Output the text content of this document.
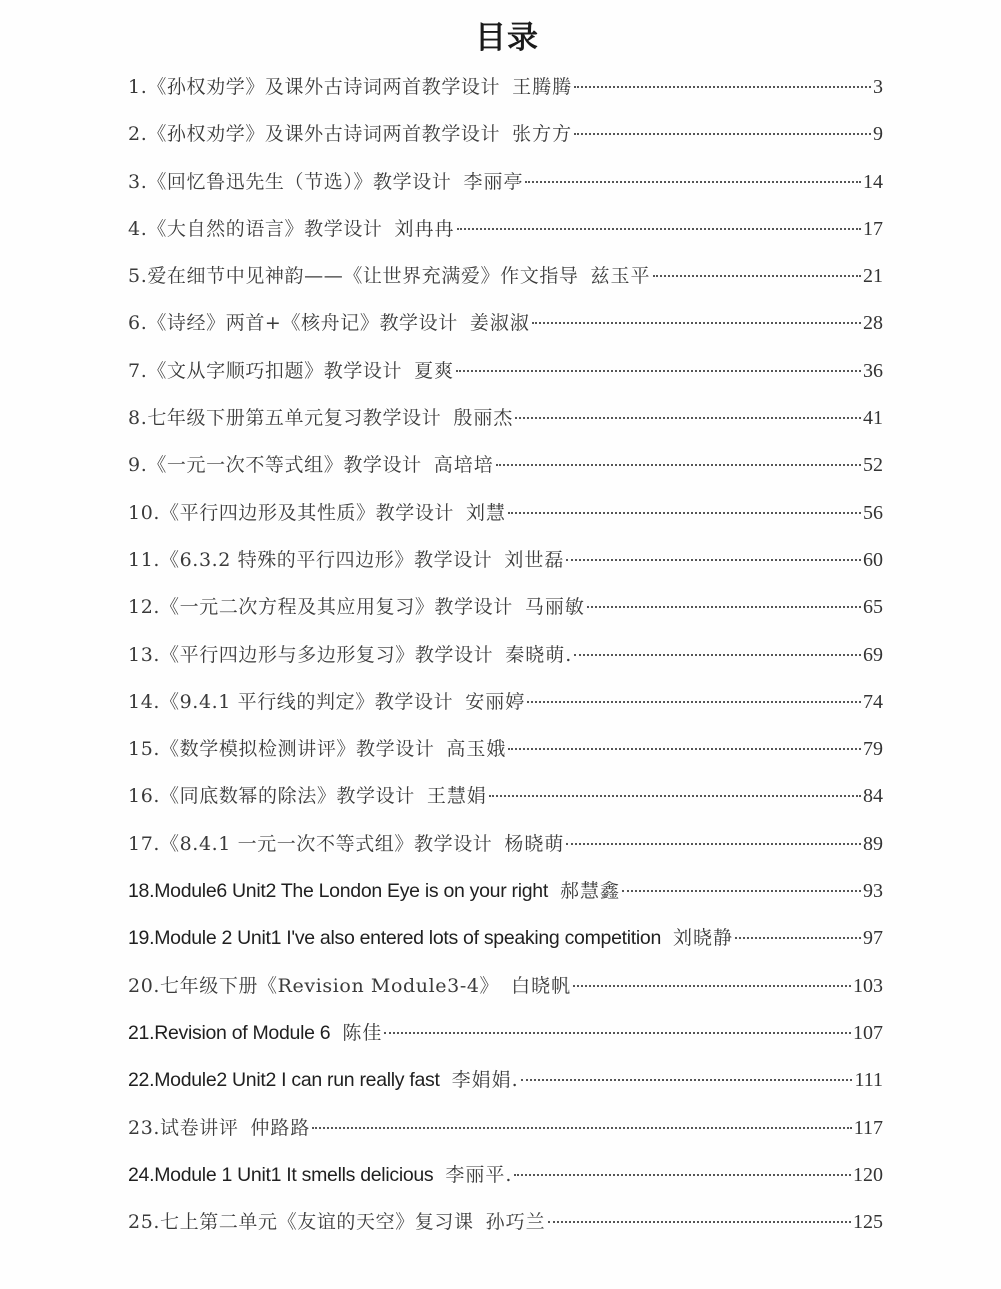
目录
1.《孙权劝学》及课外古诗词两首教学设计 王腾腾	3
2.《孙权劝学》及课外古诗词两首教学设计 张方方	9
3.《回忆鲁迅先生（节选）》教学设计 李丽亭	14
4.《大自然的语言》教学设计 刘冉冉	17
5.爱在细节中见神韵——《让世界充满爱》作文指导 兹玉平	21
6.《诗经》两首+《核舟记》教学设计 姜淑淑	28
7.《文从字顺巧扣题》教学设计 夏爽	36
8.七年级下册第五单元复习教学设计 殷丽杰	41
9.《一元一次不等式组》教学设计 高培培	52
10.《平行四边形及其性质》教学设计 刘慧	56
11.《6.3.2 特殊的平行四边形》教学设计 刘世磊	60
12.《一元二次方程及其应用复习》教学设计 马丽敏	65
13.《平行四边形与多边形复习》教学设计 秦晓萌.	69
14.《9.4.1 平行线的判定》教学设计 安丽婷	74
15.《数学模拟检测讲评》教学设计 高玉娥	79
16.《同底数幂的除法》教学设计 王慧娟	84
17.《8.4.1 一元一次不等式组》教学设计 杨晓萌	89
18.Module6 Unit2 The London Eye is on your right 郝慧鑫	93
19.Module 2 Unit1 I've also entered lots of speaking competition 刘晓静	97
20.七年级下册《Revision Module3-4》 白晓帆	103
21.Revision of Module 6 陈佳	107
22.Module2 Unit2 I can run really fast 李娟娟.	111
23.试卷讲评 仲路路	117
24.Module 1 Unit1 It smells delicious 李丽平.	120
25.七上第二单元《友谊的天空》复习课 孙巧兰	125
